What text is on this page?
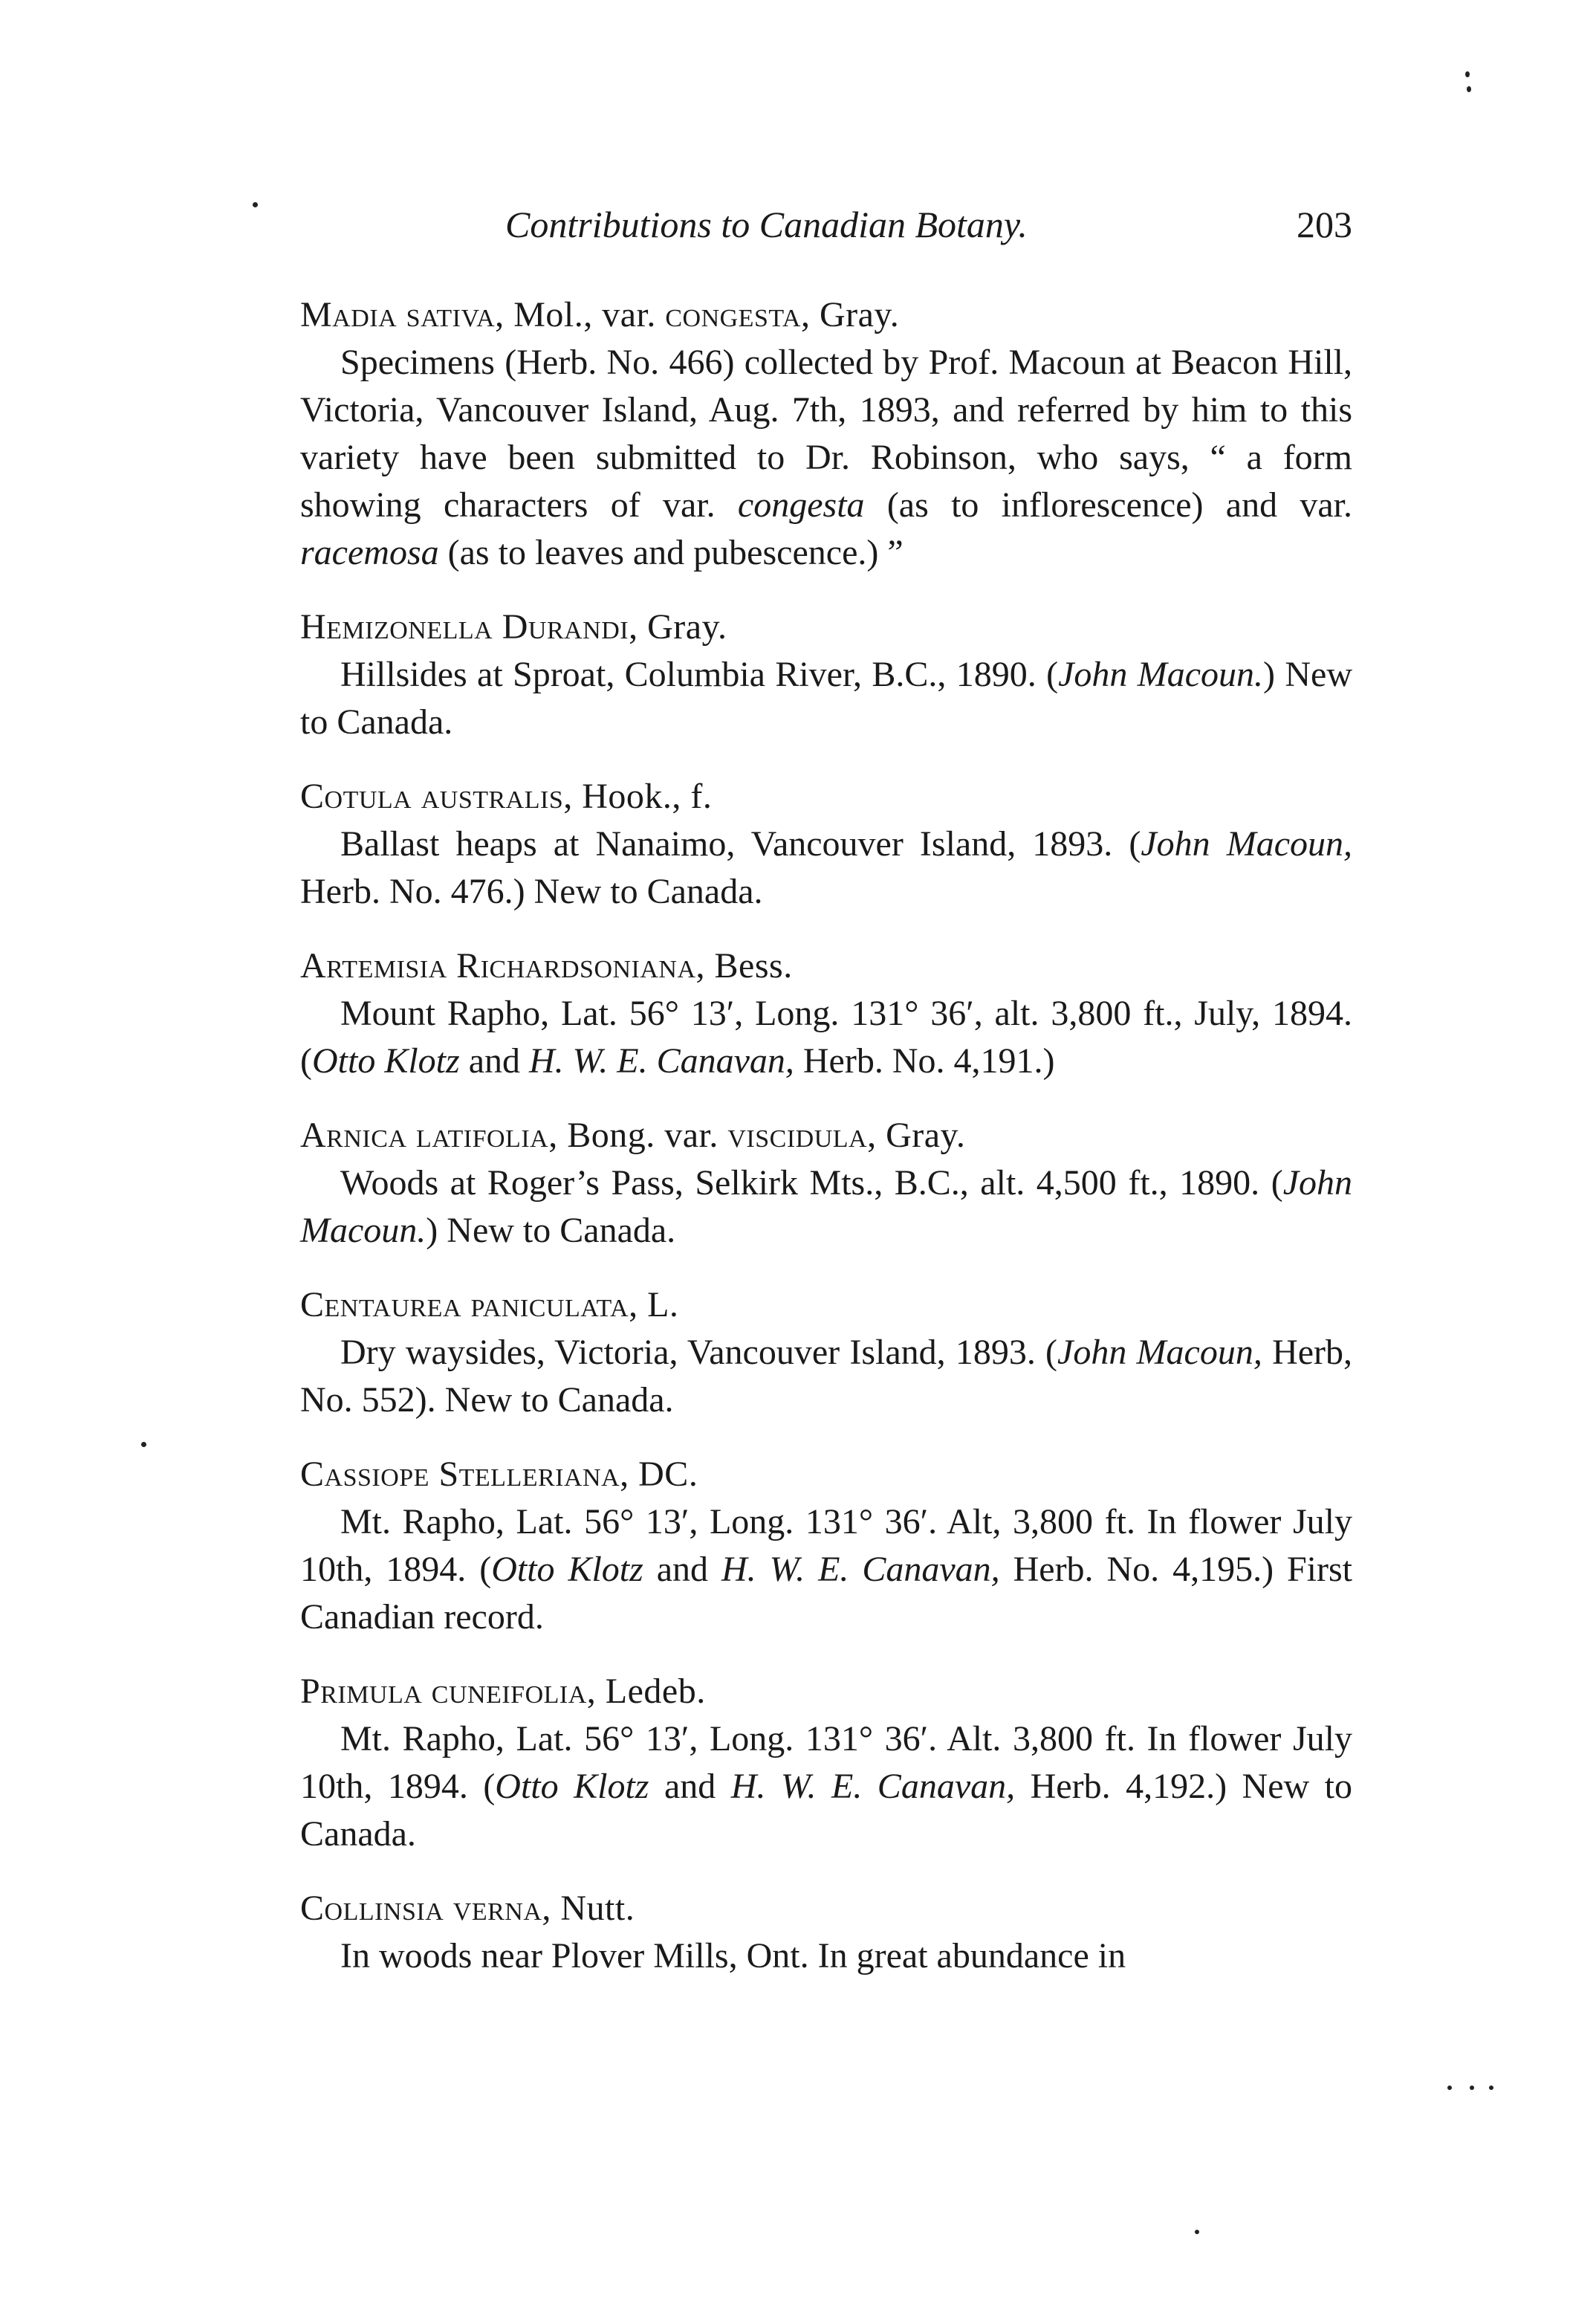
Contributions to Canadian Botany.	203

Madia sativa, Mol., var. congesta, Gray.

Specimens (Herb. No. 466) collected by Prof. Macoun at Beacon Hill, Victoria, Vancouver Island, Aug. 7th, 1893, and referred by him to this variety have been submitted to Dr. Robinson, who says, “ a form showing characters of var. congesta (as to inflorescence) and var. racemosa (as to leaves and pubescence.) ”

Hemizonella Durandi, Gray.

Hillsides at Sproat, Columbia River, B.C., 1890. (John Macoun.) New to Canada.

Cotula australis, Hook., f.

Ballast heaps at Nanaimo, Vancouver Island, 1893. (John Macoun, Herb. No. 476.) New to Canada.

Artemisia Richardsoniana, Bess.

Mount Rapho, Lat. 56° 13′, Long. 131° 36′, alt. 3,800 ft., July, 1894. (Otto Klotz and H. W. E. Canavan, Herb. No. 4,191.)

Arnica latifolia, Bong. var. viscidula, Gray.

Woods at Roger’s Pass, Selkirk Mts., B.C., alt. 4,500 ft., 1890. (John Macoun.) New to Canada.

Centaurea paniculata, L.

Dry waysides, Victoria, Vancouver Island, 1893. (John Macoun, Herb, No. 552). New to Canada.

Cassiope Stelleriana, DC.

Mt. Rapho, Lat. 56° 13′, Long. 131° 36′. Alt, 3,800 ft. In flower July 10th, 1894. (Otto Klotz and H. W. E. Canavan, Herb. No. 4,195.) First Canadian record.

Primula cuneifolia, Ledeb.

Mt. Rapho, Lat. 56° 13′, Long. 131° 36′. Alt. 3,800 ft. In flower July 10th, 1894. (Otto Klotz and H. W. E. Canavan, Herb. 4,192.) New to Canada.

Collinsia verna, Nutt.

In woods near Plover Mills, Ont. In great abundance in
